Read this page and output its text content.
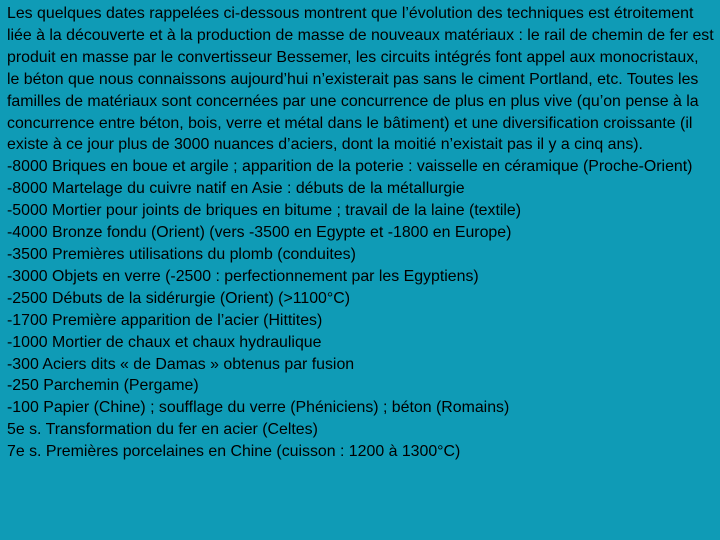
Les quelques dates rappelées ci-dessous montrent que l’évolution des techniques est étroitement liée à la découverte et à la production de masse de nouveaux matériaux : le rail de chemin de fer est produit en masse par le convertisseur Bessemer, les circuits intégrés font appel aux monocristaux, le béton que nous connaissons aujourd’hui n’existerait pas sans le ciment Portland, etc. Toutes les familles de matériaux sont concernées par une concurrence de plus en plus vive (qu’on pense à la concurrence entre béton, bois, verre et métal dans le bâtiment) et une diversification croissante (il existe à ce jour plus de 3000 nuances d’aciers, dont la moitié n’existait pas il y a cinq ans).

-8000 Briques en boue et argile ; apparition de la poterie : vaisselle en céramique (Proche-Orient)
-8000 Martelage du cuivre natif en Asie : débuts de la métallurgie
-5000 Mortier pour joints de briques en bitume ; travail de la laine (textile)
-4000 Bronze fondu (Orient) (vers -3500 en Egypte et -1800 en Europe)
-3500 Premières utilisations du plomb (conduites)
-3000 Objets en verre (-2500 : perfectionnement par les Egyptiens)
-2500 Débuts de la sidérurgie (Orient) (>1100°C)
-1700 Première apparition de l’acier (Hittites)
-1000 Mortier de chaux et chaux hydraulique
-300 Aciers dits « de Damas » obtenus par fusion
-250 Parchemin (Pergame)
-100 Papier (Chine) ; soufflage du verre (Phéniciens) ; béton (Romains)
5e s. Transformation du fer en acier (Celtes)
7e s. Premières porcelaines en Chine (cuisson : 1200 à 1300°C)
